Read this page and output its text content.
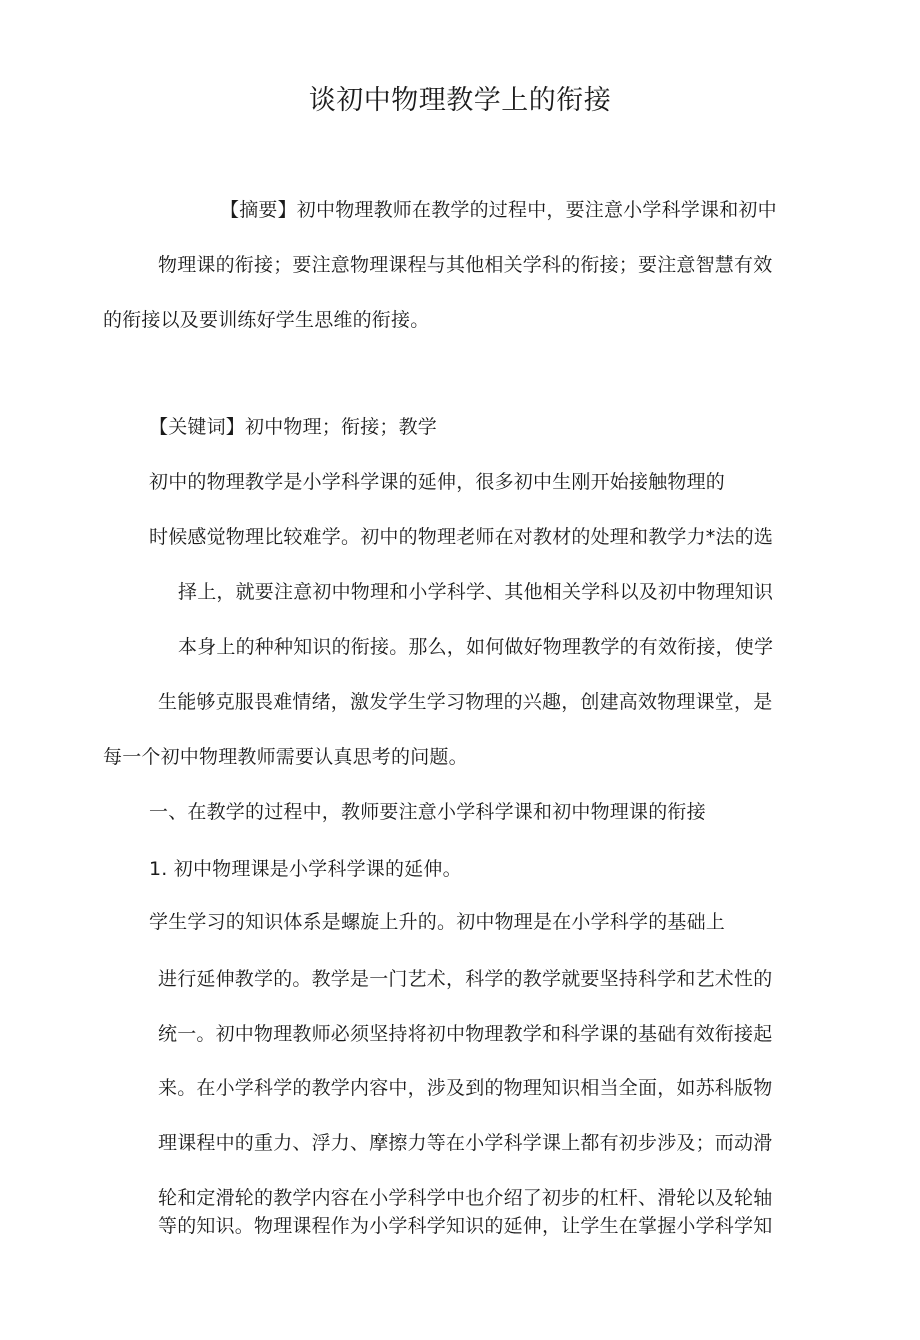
谈初中物理教学上的衔接
【摘要】初中物理教师在教学的过程中，要注意小学科学课和初中
物理课的衔接；要注意物理课程与其他相关学科的衔接；要注意智慧有效
的衔接以及要训练好学生思维的衔接。
【关键词】初中物理；衔接；教学
初中的物理教学是小学科学课的延伸，很多初中生刚开始接触物理的
时候感觉物理比较难学。初中的物理老师在对教材的处理和教学力*法的选
择上，就要注意初中物理和小学科学、其他相关学科以及初中物理知识
本身上的种种知识的衔接。那么，如何做好物理教学的有效衔接，使学
生能够克服畏难情绪，激发学生学习物理的兴趣，创建高效物理课堂，是
每一个初中物理教师需要认真思考的问题。
一、在教学的过程中，教师要注意小学科学课和初中物理课的衔接
1. 初中物理课是小学科学课的延伸。
学生学习的知识体系是螺旋上升的。初中物理是在小学科学的基础上
进行延伸教学的。教学是一门艺术，科学的教学就要坚持科学和艺术性的
统一。初中物理教师必须坚持将初中物理教学和科学课的基础有效衔接起
来。在小学科学的教学内容中，涉及到的物理知识相当全面，如苏科版物
理课程中的重力、浮力、摩擦力等在小学科学课上都有初步涉及；而动滑
轮和定滑轮的教学内容在小学科学中也介绍了初步的杠杆、滑轮以及轮轴
等的知识。物理课程作为小学科学知识的延伸，让学生在掌握小学科学知
